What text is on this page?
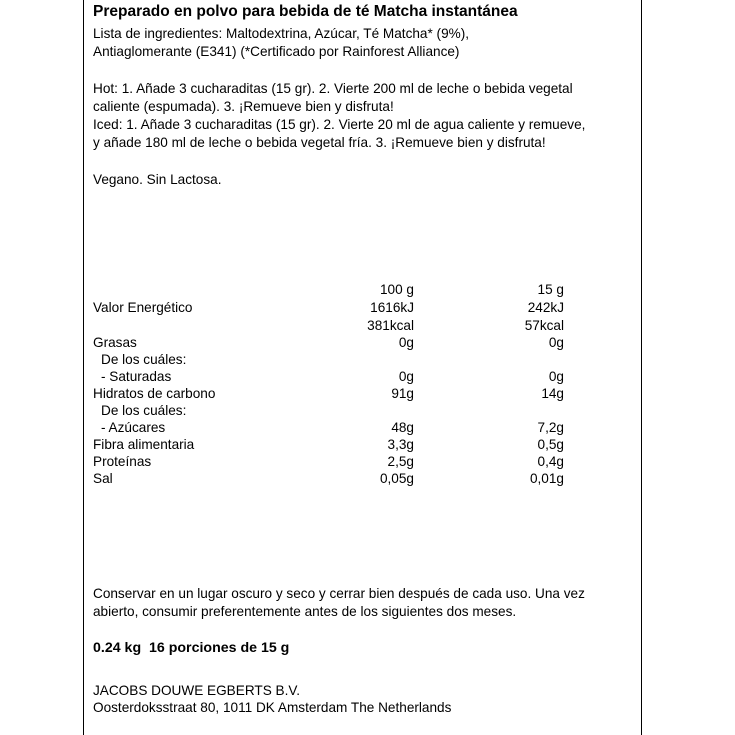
Preparado en polvo para bebida de té Matcha instantánea
Lista de ingredientes: Maltodextrina, Azúcar, Té Matcha* (9%),
Antiaglomerante (E341) (*Certificado por Rainforest Alliance)
Hot: 1. Añade 3 cucharaditas (15 gr). 2. Vierte 200 ml de leche o bebida vegetal
caliente (espumada). 3. ¡Remueve bien y disfruta!
Iced: 1. Añade 3 cucharaditas (15 gr). 2. Vierte 20 ml de agua caliente y remueve,
y añade 180 ml de leche o bebida vegetal fría. 3. ¡Remueve bien y disfruta!
Vegano. Sin Lactosa.
100 g	15 g
Valor Energético	1616kJ	242kJ
381kcal	57kcal
Grasas	0g	0g
De los cuáles:
- Saturadas	0g	0g
Hidratos de carbono	91g	14g
De los cuáles:
- Azúcares	48g	7,2g
Fibra alimentaria	3,3g	0,5g
Proteínas	2,5g	0,4g
Sal	0,05g	0,01g
Conservar en un lugar oscuro y seco y cerrar bien después de cada uso. Una vez
abierto, consumir preferentemente antes de los siguientes dos meses.
0.24 kg  16 porciones de 15 g
JACOBS DOUWE EGBERTS B.V.
Oosterdoksstraat 80, 1011 DK Amsterdam The Netherlands
